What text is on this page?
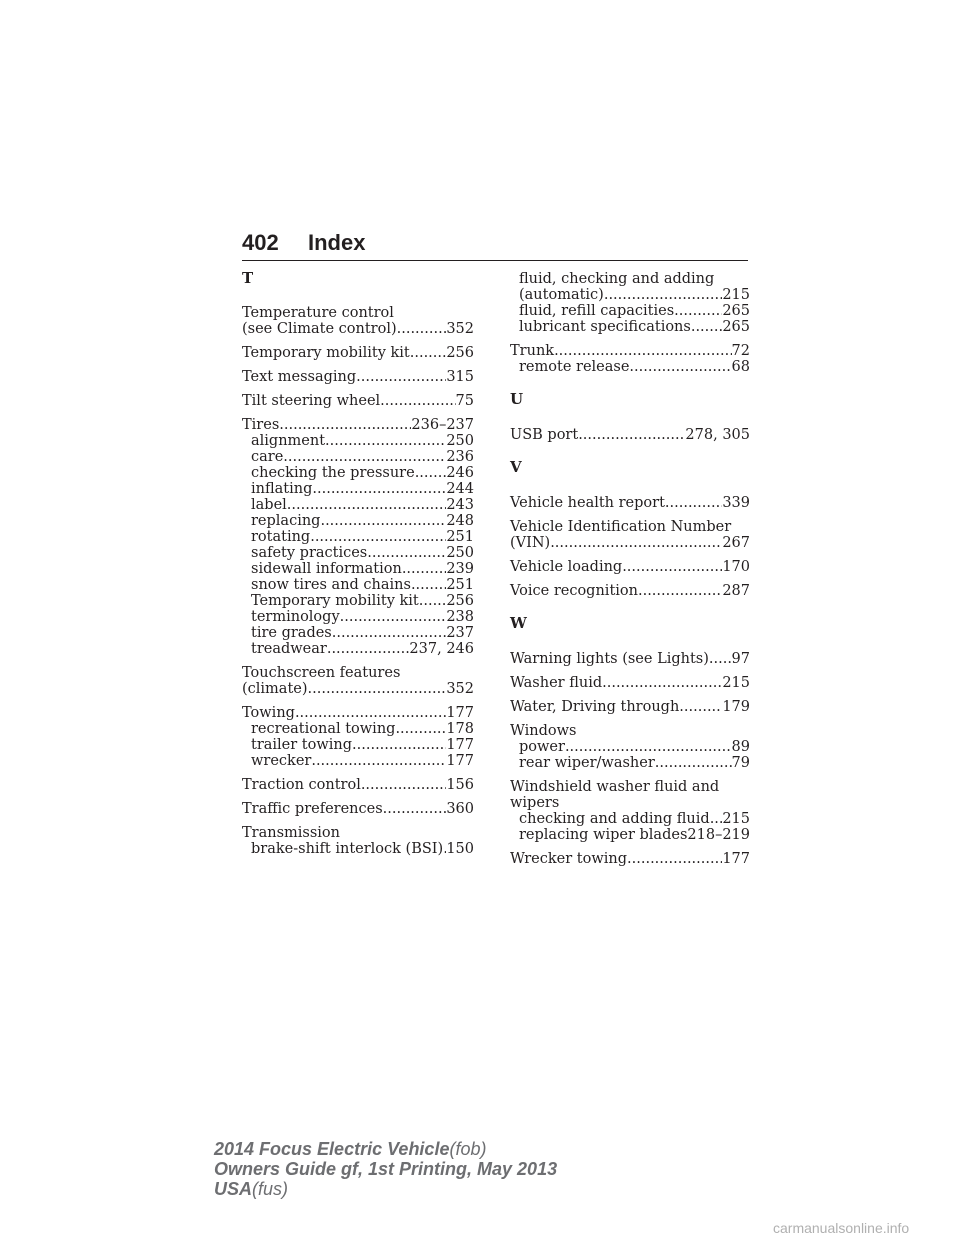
402 Index
T
Temperature control
(see Climate control) .....	352
Temporary mobility kit .....	256
Text messaging .....	315
Tilt steering wheel .....	75
Tires .....	236–237
alignment .....	250
care .....	236
checking the pressure ..... 246
inflating .....	244
label .....	243
replacing .....	248
rotating .....	251
safety practices .....	250
sidewall information .....	239
snow tires and chains ..... 251
Temporary mobility kit ..... 256
terminology .....	238
tire grades .....	237
treadwear .....	237, 246
Touchscreen features
(climate) .....	352
Towing .....	177
recreational towing .....	178
trailer towing .....	177
wrecker .....	177
Traction control .....	156
Traffic preferences .....	360
Transmission
brake-shift interlock (BSI) ..... 150
fluid, checking and adding
(automatic) .....	215
fluid, refill capacities .....	265
lubricant specifications ..... 265
Trunk .....	72
remote release .....	68
U
USB port .....	278, 305
V
Vehicle health report .....	339
Vehicle Identification Number
(VIN) .....	267
Vehicle loading .....	170
Voice recognition .....	287
W
Warning lights (see Lights) ..... 97
Washer fluid .....	215
Water, Driving through .....	179
Windows
power .....	89
rear wiper/washer .....	79
Windshield washer fluid and
wipers
checking and adding fluid ..... 215
replacing wiper blades 218–219
Wrecker towing .....	177
2014 Focus Electric Vehicle(fob)
Owners Guide gf, 1st Printing, May 2013
USA(fus)
carmanualsonline.info
